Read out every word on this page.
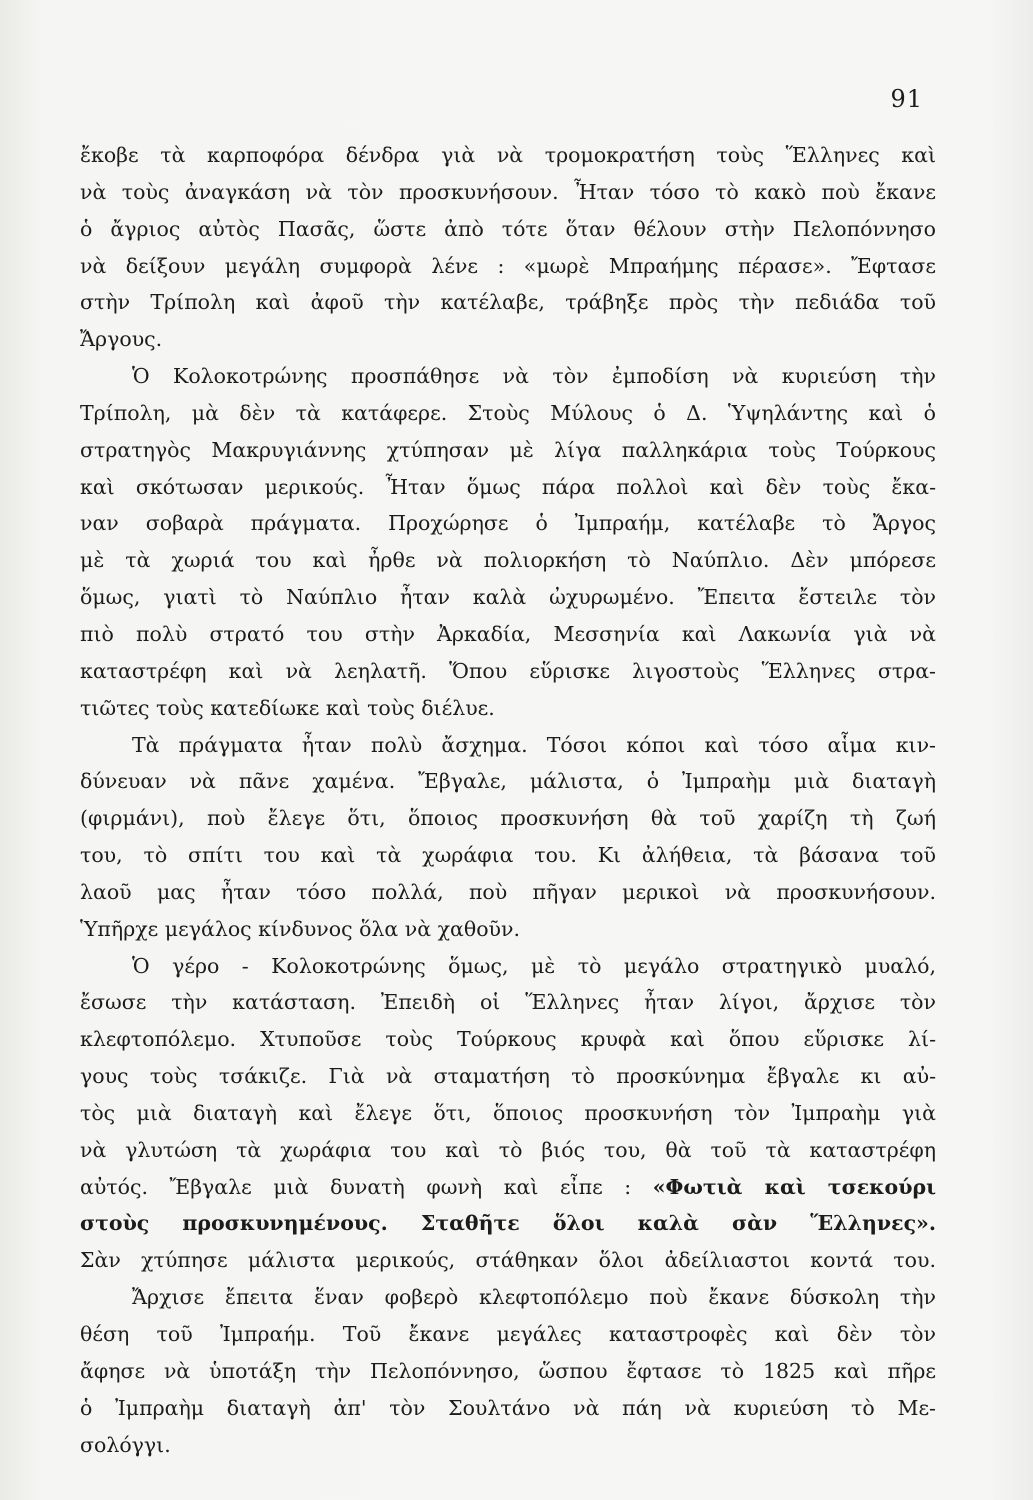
91
ἔκοβε τὰ καρποφόρα δένδρα γιὰ νὰ τρομοκρατήση τοὺς Ἕλληνες καὶ
νὰ τοὺς ἀναγκάση νὰ τὸν προσκυνήσουν. Ἦταν τόσο τὸ κακὸ ποὺ ἔκανε
ὁ ἄγριος αὐτὸς Πασᾶς, ὥστε ἀπὸ τότε ὅταν θέλουν στὴν Πελοπόννησο
νὰ δείξουν μεγάλη συμφορὰ λένε : «μωρὲ Μπραήμης πέρασε». Ἔφτασε
στὴν Τρίπολη καὶ ἀφοῦ τὴν κατέλαβε, τράβηξε πρὸς τὴν πεδιάδα τοῦ
Ἄργους.
Ὁ Κολοκοτρώνης προσπάθησε νὰ τὸν ἐμποδίση νὰ κυριεύση τὴν
Τρίπολη, μὰ δὲν τὰ κατάφερε. Στοὺς Μύλους ὁ Δ. Ὑψηλάντης καὶ ὁ
στρατηγὸς Μακρυγιάννης χτύπησαν μὲ λίγα παλληκάρια τοὺς Τούρκους
καὶ σκότωσαν μερικούς. Ἦταν ὅμως πάρα πολλοὶ καὶ δὲν τοὺς ἔκα-
ναν σοβαρὰ πράγματα. Προχώρησε ὁ Ἰμπραήμ, κατέλαβε τὸ Ἄργος
μὲ τὰ χωριά του καὶ ἦρθε νὰ πολιορκήση τὸ Ναύπλιο. Δὲν μπόρεσε
ὅμως, γιατὶ τὸ Ναύπλιο ἦταν καλὰ ὠχυρωμένο. Ἔπειτα ἔστειλε τὸν
πιὸ πολὺ στρατό του στὴν Ἀρκαδία, Μεσσηνία καὶ Λακωνία γιὰ νὰ
καταστρέφη καὶ νὰ λεηλατῆ. Ὅπου εὕρισκε λιγοστοὺς Ἕλληνες στρα-
τιῶτες τοὺς κατεδίωκε καὶ τοὺς διέλυε.
Τὰ πράγματα ἦταν πολὺ ἄσχημα. Τόσοι κόποι καὶ τόσο αἷμα κιν-
δύνευαν νὰ πᾶνε χαμένα. Ἔβγαλε, μάλιστα, ὁ Ἰμπραὴμ μιὰ διαταγὴ
(φιρμάνι), ποὺ ἔλεγε ὅτι, ὅποιος προσκυνήση θὰ τοῦ χαρίζη τὴ ζωή
του, τὸ σπίτι του καὶ τὰ χωράφια του. Κι ἀλήθεια, τὰ βάσανα τοῦ
λαοῦ μας ἦταν τόσο πολλά, ποὺ πῆγαν μερικοὶ νὰ προσκυνήσουν.
Ὑπῆρχε μεγάλος κίνδυνος ὅλα νὰ χαθοῦν.
Ὁ γέρο - Κολοκοτρώνης ὅμως, μὲ τὸ μεγάλο στρατηγικὸ μυαλό,
ἔσωσε τὴν κατάσταση. Ἐπειδὴ οἱ Ἕλληνες ἦταν λίγοι, ἄρχισε τὸν
κλεφτοπόλεμο. Χτυποῦσε τοὺς Τούρκους κρυφὰ καὶ ὅπου εὕρισκε λί-
γους τοὺς τσάκιζε. Γιὰ νὰ σταματήση τὸ προσκύνημα ἔβγαλε κι αὐ-
τὸς μιὰ διαταγὴ καὶ ἔλεγε ὅτι, ὅποιος προσκυνήση τὸν Ἰμπραὴμ γιὰ
νὰ γλυτώση τὰ χωράφια του καὶ τὸ βιός του, θὰ τοῦ τὰ καταστρέφη
αὐτός. Ἔβγαλε μιὰ δυνατὴ φωνὴ καὶ εἶπε : «Φωτιὰ καὶ τσεκούρι
στοὺς προσκυνημένους. Σταθῆτε ὅλοι καλὰ σὰν Ἕλληνες».
Σὰν χτύπησε μάλιστα μερικούς, στάθηκαν ὅλοι ἀδείλιαστοι κοντά του.
Ἄρχισε ἔπειτα ἕναν φοβερὸ κλεφτοπόλεμο ποὺ ἔκανε δύσκολη τὴν
θέση τοῦ Ἰμπραήμ. Τοῦ ἔκανε μεγάλες καταστροφὲς καὶ δὲν τὸν
ἄφησε νὰ ὑποτάξη τὴν Πελοπόννησο, ὥσπου ἔφτασε τὸ 1825 καὶ πῆρε
ὁ Ἰμπραὴμ διαταγὴ ἀπ' τὸν Σουλτάνο νὰ πάη νὰ κυριεύση τὸ Με-
σολόγγι.
